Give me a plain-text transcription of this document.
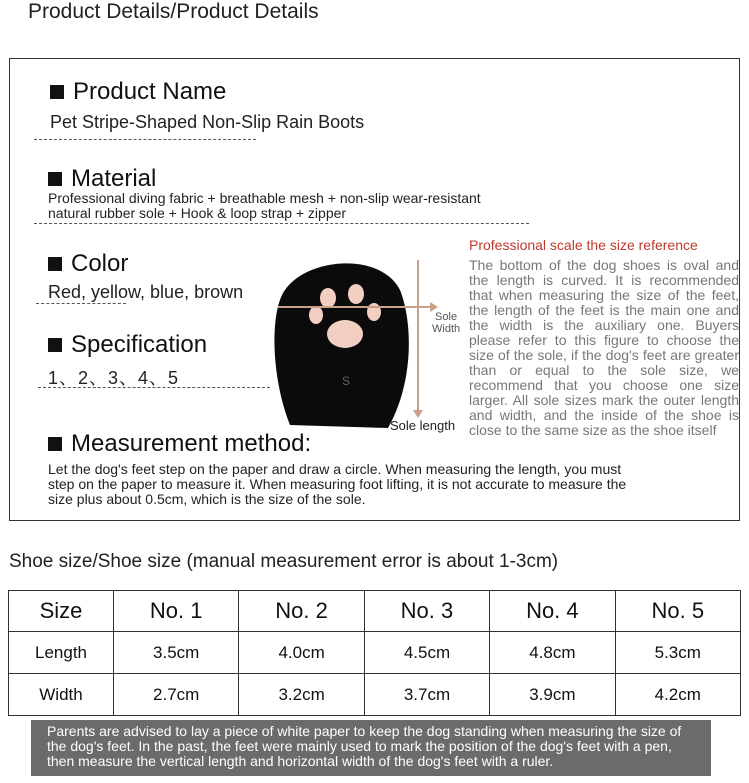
Product Details/Product Details
Product Name
Pet Stripe-Shaped Non-Slip Rain Boots
Material
Professional diving fabric + breathable mesh + non-slip wear-resistant
natural rubber sole + Hook & loop strap + zipper
Color
Red, yellow, blue, brown
Specification
1、2、3、4、5
Measurement method:
Let the dog's feet step on the paper and draw a circle. When measuring the length, you must step on the paper to measure it. When measuring foot lifting, it is not accurate to measure the size plus about 0.5cm, which is the size of the sole.
S
Sole
Width
Sole length
Professional scale the size reference
The bottom of the dog shoes is oval and the length is curved. It is recommended that when measuring the size of the feet, the length of the feet is the main one and the width is the auxiliary one. Buyers please refer to this figure to choose the size of the sole, if the dog's feet are greater than or equal to the sole size, we recommend that you choose one size larger. All sole sizes mark the outer length and width, and the inside of the shoe is close to the same size as the shoe itself
Shoe size/Shoe size (manual measurement error is about 1-3cm)
Size	No. 1	No. 2	No. 3	No. 4	No. 5
Length	3.5cm	4.0cm	4.5cm	4.8cm	5.3cm
Width	2.7cm	3.2cm	3.7cm	3.9cm	4.2cm
Parents are advised to lay a piece of white paper to keep the dog standing when measuring the size of the dog's feet. In the past, the feet were mainly used to mark the position of the dog's feet with a pen, then measure the vertical length and horizontal width of the dog's feet with a ruler.
